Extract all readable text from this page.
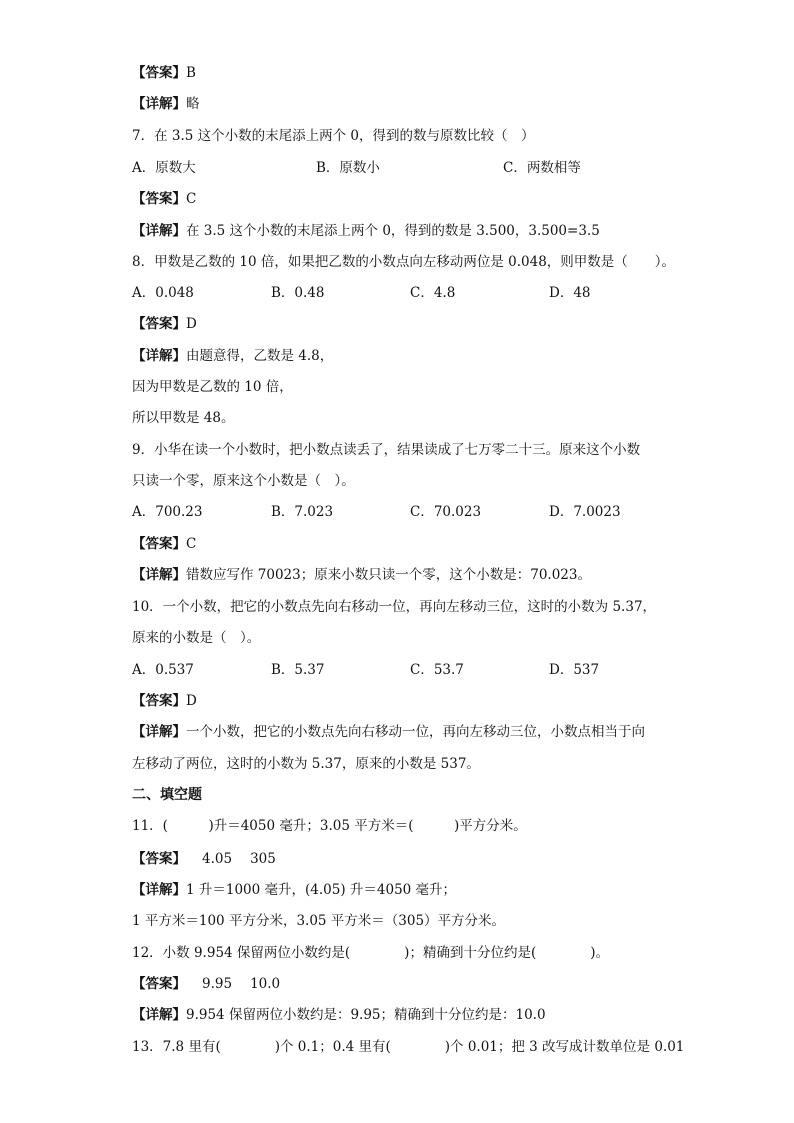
【答案】B
【详解】略
7．在 3.5 这个小数的末尾添上两个 0，得到的数与原数比较（　）
A．原数大	B．原数小	C．两数相等
【答案】C
【详解】在 3.5 这个小数的末尾添上两个 0，得到的数是 3.500，3.500=3.5
8．甲数是乙数的 10 倍，如果把乙数的小数点向左移动两位是 0.048，则甲数是（　　）。
A．0.048	B．0.48	C．4.8	D．48
【答案】D
【详解】由题意得，乙数是 4.8，
因为甲数是乙数的 10 倍，
所以甲数是 48。
9．小华在读一个小数时，把小数点读丢了，结果读成了七万零二十三。原来这个小数
只读一个零，原来这个小数是（　）。
A．700.23	B．7.023	C．70.023	D．7.0023
【答案】C
【详解】错数应写作 70023；原来小数只读一个零，这个小数是：70.023。
10．一个小数，把它的小数点先向右移动一位，再向左移动三位，这时的小数为 5.37，
原来的小数是（　）。
A．0.537	B．5.37	C．53.7	D．537
【答案】D
【详解】一个小数，把它的小数点先向右移动一位，再向左移动三位，小数点相当于向
左移动了两位，这时的小数为 5.37，原来的小数是 537。
二、填空题
11．(　　　)升＝4050 毫升；3.05 平方米＝(　　　)平方分米。
【答案】 4.05 305
【详解】1 升＝1000 毫升，(4.05) 升＝4050 毫升；
1 平方米＝100 平方分米，3.05 平方米＝（305）平方分米。
12．小数 9.954 保留两位小数约是(　　　　)；精确到十分位约是(　　　　)。
【答案】 9.95 10.0
【详解】9.954 保留两位小数约是：9.95；精确到十分位约是：10.0
13．7.8 里有(　　　　)个 0.1；0.4 里有(　　　　)个 0.01；把 3 改写成计数单位是 0.01
